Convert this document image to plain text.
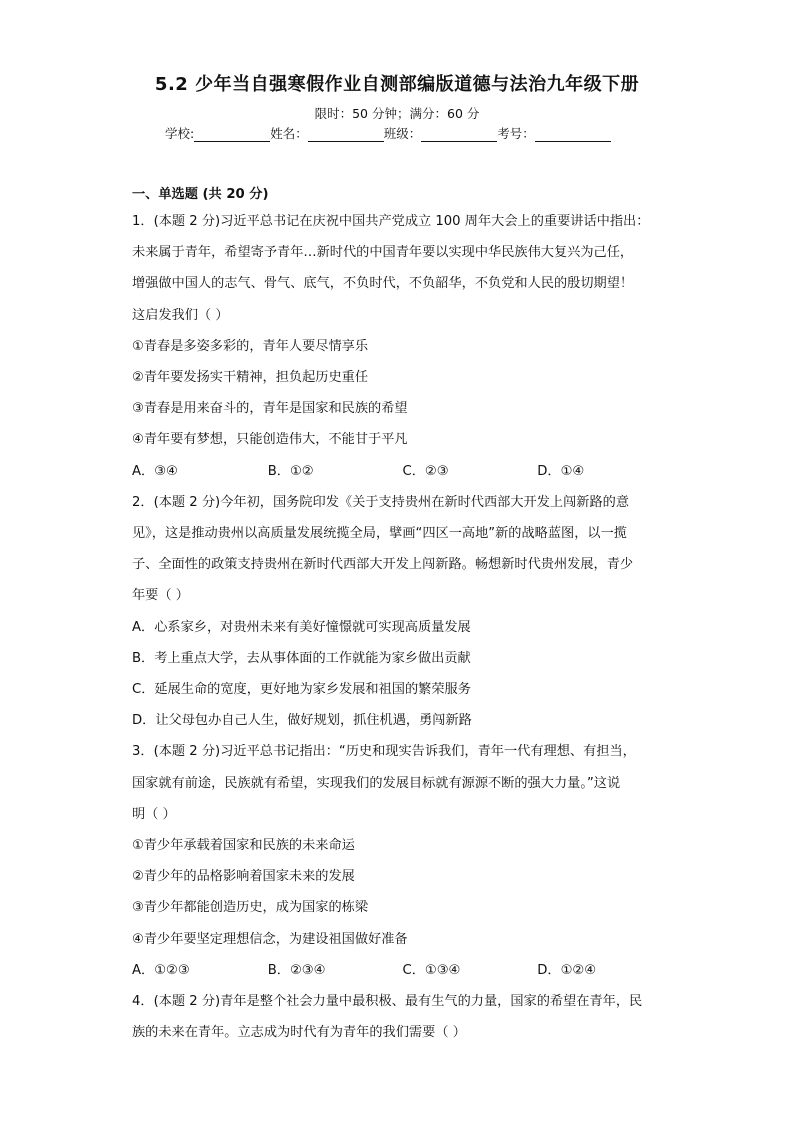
5.2 少年当自强寒假作业自测部编版道德与法治九年级下册
限时：50 分钟；满分：60 分
学校:	姓名：	班级：	考号：
一、单选题 (共 20 分)
1．(本题 2 分)习近平总书记在庆祝中国共产党成立 100 周年大会上的重要讲话中指出：
未来属于青年，希望寄予青年…新时代的中国青年要以实现中华民族伟大复兴为己任，
增强做中国人的志气、骨气、底气，不负时代，不负韶华，不负党和人民的殷切期望！
这启发我们（ ）
①青春是多姿多彩的，青年人要尽情享乐
②青年要发扬实干精神，担负起历史重任
③青春是用来奋斗的，青年是国家和民族的希望
④青年要有梦想，只能创造伟大，不能甘于平凡
A．③④	B．①②	C．②③	D．①④
2．(本题 2 分)今年初，国务院印发《关于支持贵州在新时代西部大开发上闯新路的意
见》，这是推动贵州以高质量发展统揽全局，擘画“四区一高地”新的战略蓝图，以一揽
子、全面性的政策支持贵州在新时代西部大开发上闯新路。畅想新时代贵州发展，青少
年要（ ）
A．心系家乡，对贵州未来有美好憧憬就可实现高质量发展
B．考上重点大学，去从事体面的工作就能为家乡做出贡献
C．延展生命的宽度，更好地为家乡发展和祖国的繁荣服务
D．让父母包办自己人生，做好规划，抓住机遇，勇闯新路
3．(本题 2 分)习近平总书记指出：“历史和现实告诉我们，青年一代有理想、有担当，
国家就有前途，民族就有希望，实现我们的发展目标就有源源不断的强大力量。”这说
明（ ）
①青少年承载着国家和民族的未来命运
②青少年的品格影响着国家未来的发展
③青少年都能创造历史，成为国家的栋梁
④青少年要坚定理想信念，为建设祖国做好准备
A．①②③	B．②③④	C．①③④	D．①②④
4．(本题 2 分)青年是整个社会力量中最积极、最有生气的力量，国家的希望在青年，民
族的未来在青年。立志成为时代有为青年的我们需要（ ）
